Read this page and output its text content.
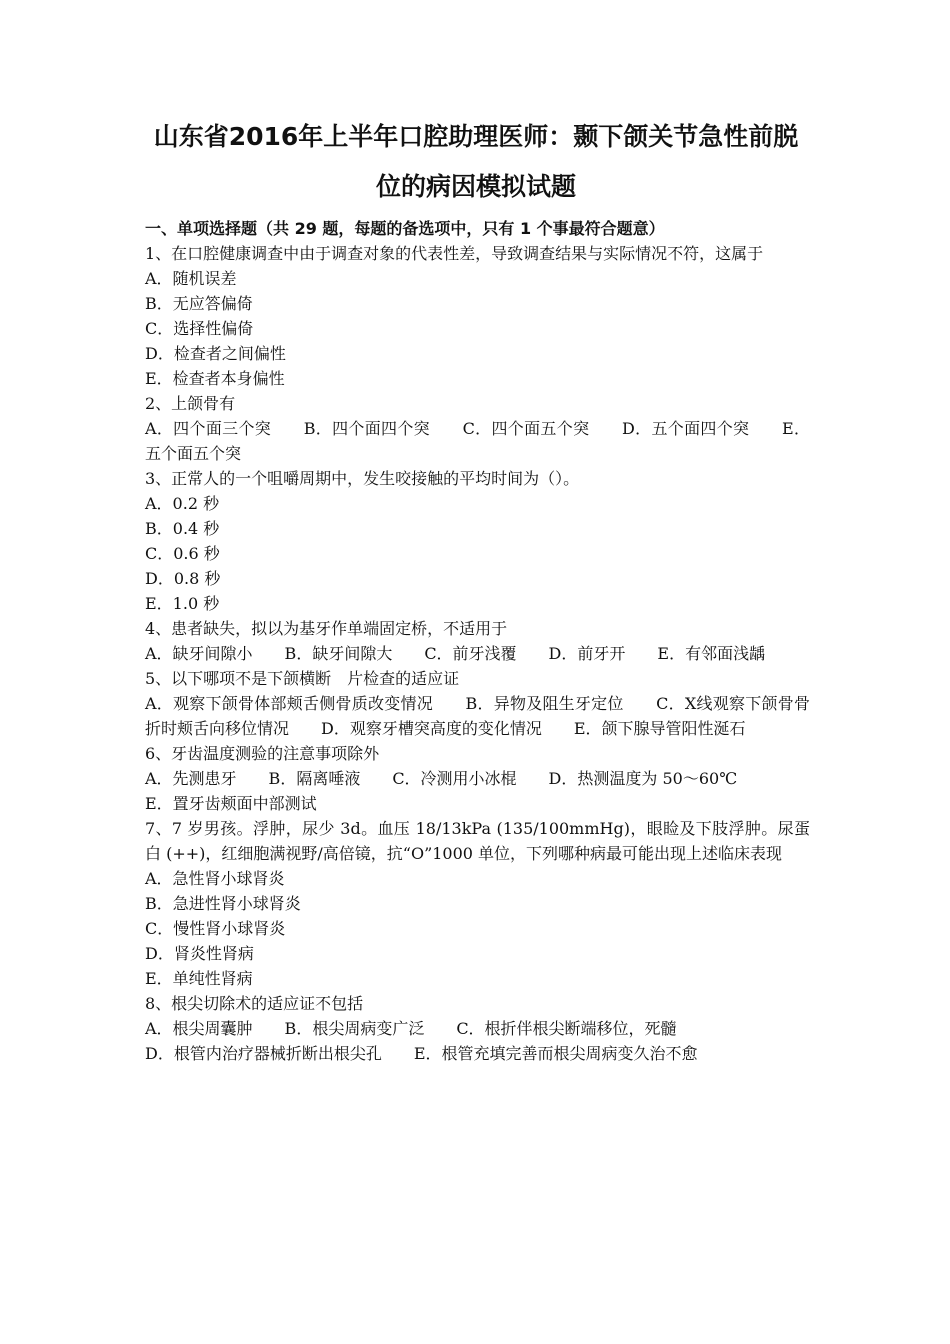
山东省2016年上半年口腔助理医师：颞下颌关节急性前脱
位的病因模拟试题
一、单项选择题（共 29 题，每题的备选项中，只有 1 个事最符合题意）
1、在口腔健康调查中由于调查对象的代表性差，导致调查结果与实际情况不符，这属于
A．随机误差
B．无应答偏倚
C．选择性偏倚
D．检查者之间偏性
E．检查者本身偏性
2、上颌骨有
A．四个面三个突　　B．四个面四个突　　C．四个面五个突　　D．五个面四个突　　E．五个面五个突
3、正常人的一个咀嚼周期中，发生咬接触的平均时间为（）。
A．0.2 秒
B．0.4 秒
C．0.6 秒
D．0.8 秒
E．1.0 秒
4、患者缺失，拟以为基牙作单端固定桥，不适用于
A．缺牙间隙小　　B．缺牙间隙大　　C．前牙浅覆　　D．前牙开　　E．有邻面浅龋
5、以下哪项不是下颌横断　片检查的适应证
A．观察下颌骨体部颊舌侧骨质改变情况　　B．异物及阻生牙定位　　C．X线观察下颌骨骨折时颊舌向移位情况　　D．观察牙槽突高度的变化情况　　E．颌下腺导管阳性涎石
6、牙齿温度测验的注意事项除外
A．先测患牙　　B．隔离唾液　　C．冷测用小冰棍　　D．热测温度为 50～60℃
E．置牙齿颊面中部测试
7、7 岁男孩。浮肿，尿少 3d。血压 18/13kPa (135/100mmHg)，眼睑及下肢浮肿。尿蛋白 (++)，红细胞满视野/高倍镜，抗“O”1000 单位，下列哪种病最可能出现上述临床表现
A．急性肾小球肾炎
B．急进性肾小球肾炎
C．慢性肾小球肾炎
D．肾炎性肾病
E．单纯性肾病
8、根尖切除术的适应证不包括
A．根尖周囊肿　　B．根尖周病变广泛　　C．根折伴根尖断端移位，死髓
D．根管内治疗器械折断出根尖孔　　E．根管充填完善而根尖周病变久治不愈
